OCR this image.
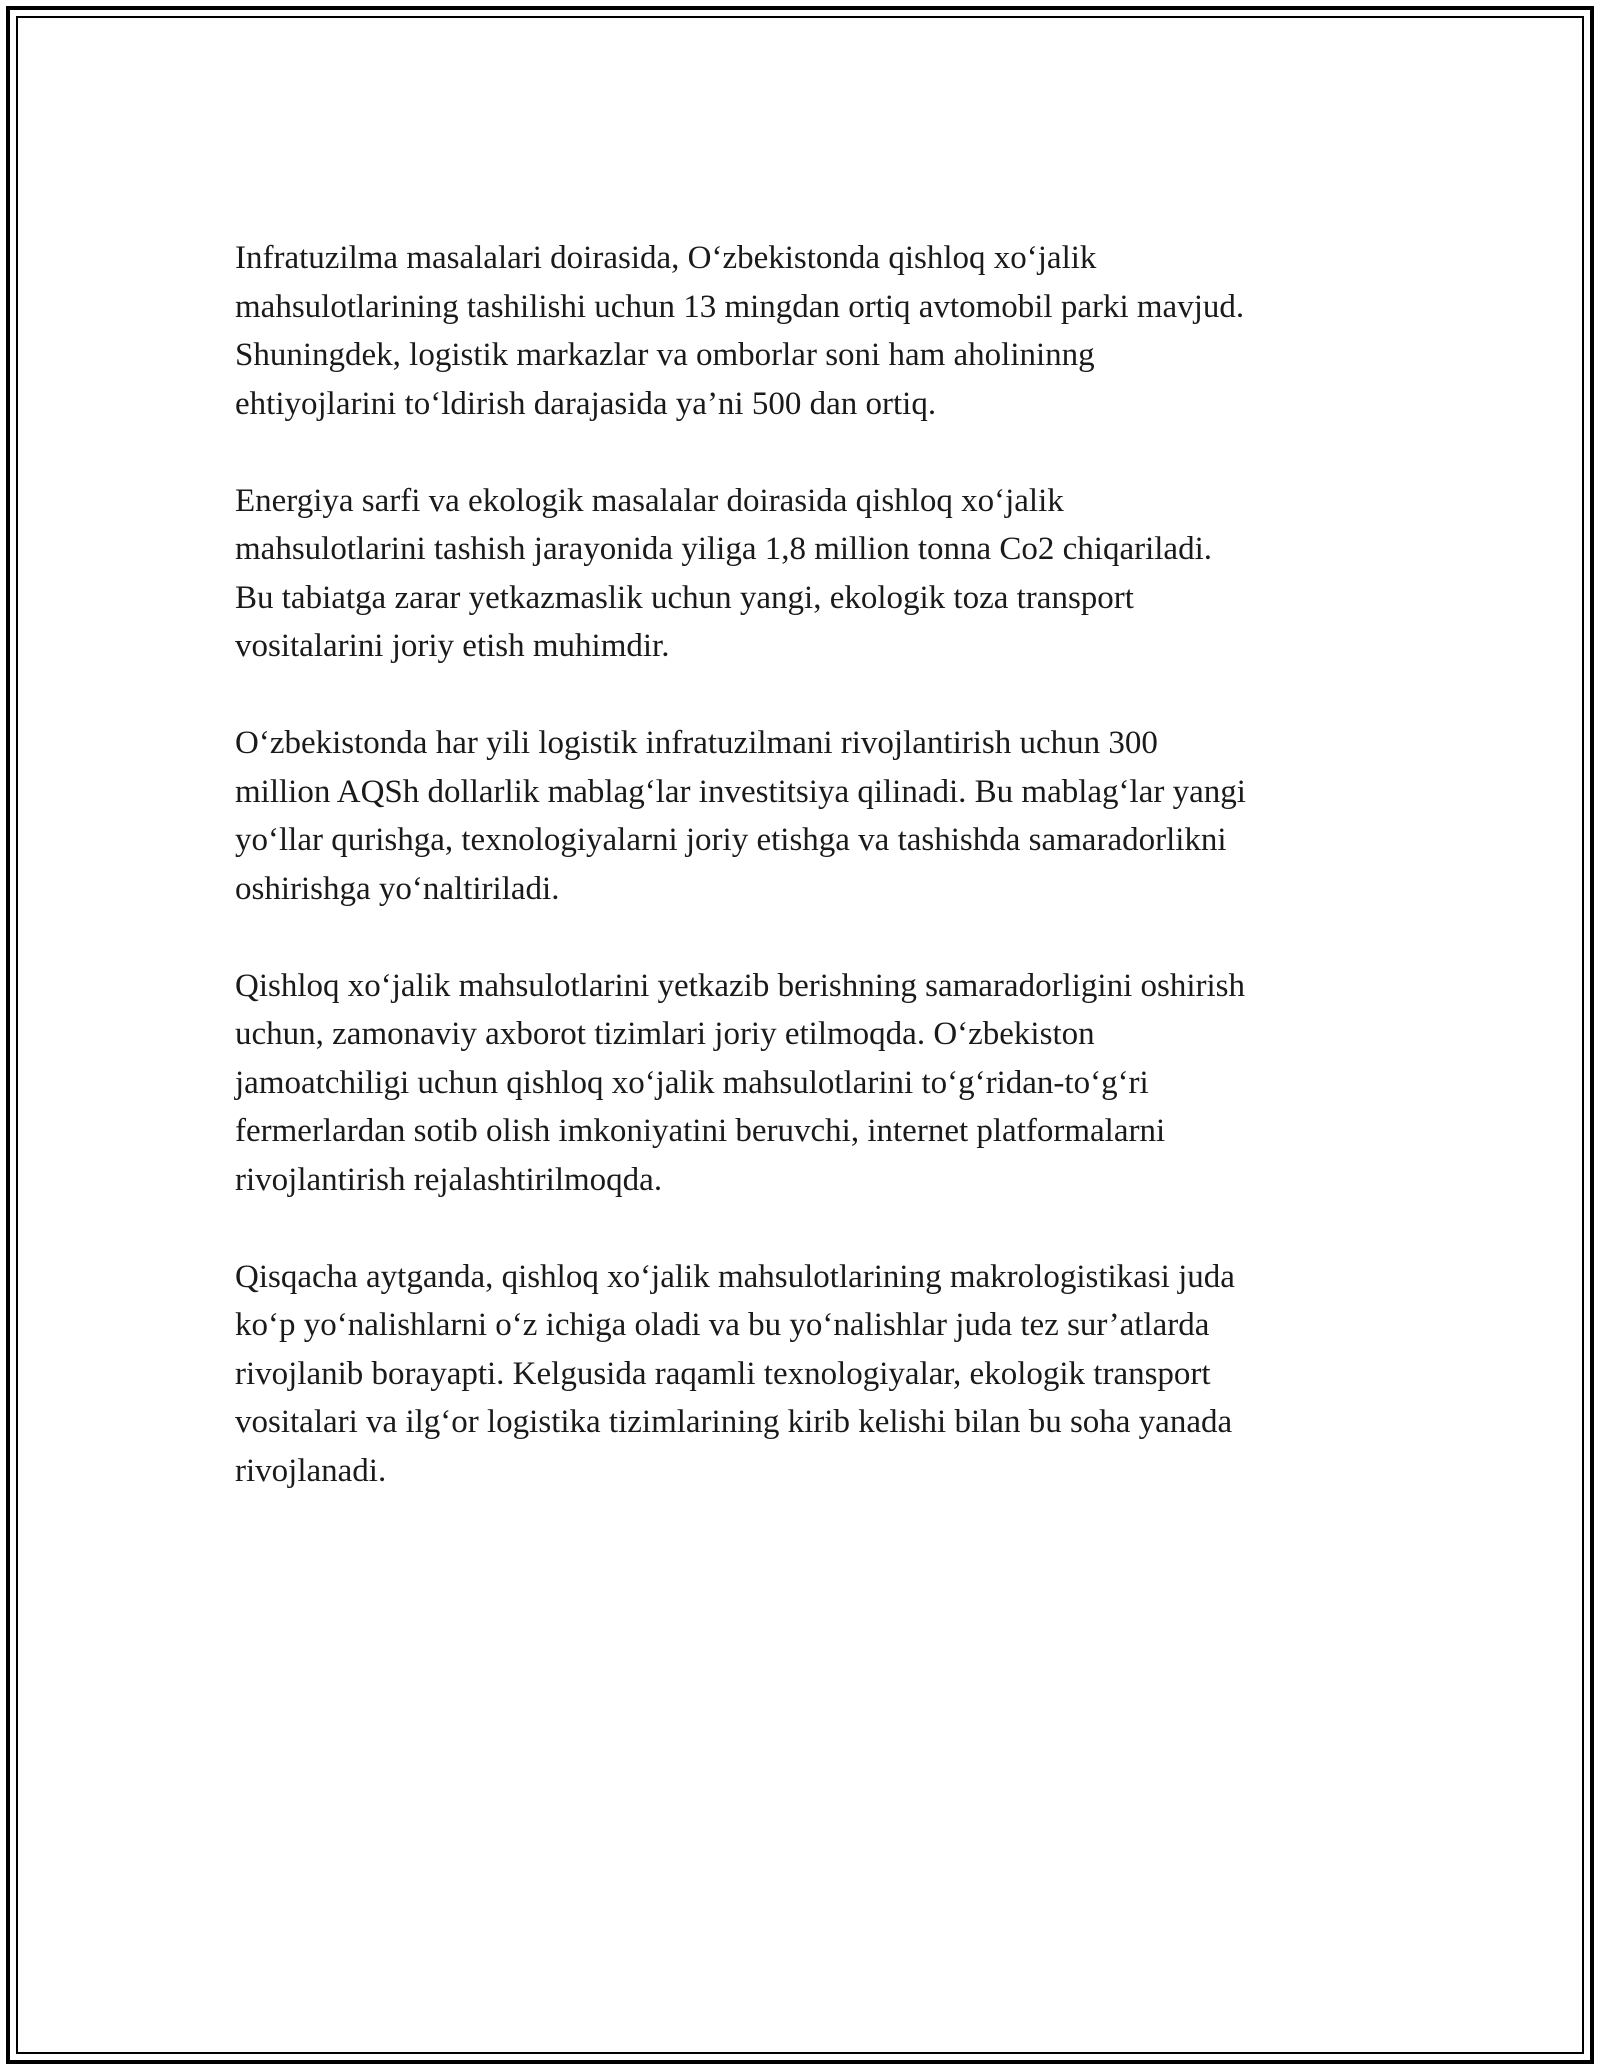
Infratuzilma masalalari doirasida, O‘zbekistonda qishloq xo‘jalik
mahsulotlarining tashilishi uchun 13 mingdan ortiq avtomobil parki mavjud.
Shuningdek, logistik markazlar va omborlar soni ham aholininng
ehtiyojlarini to‘ldirish darajasida ya’ni 500 dan ortiq.

Energiya sarfi va ekologik masalalar doirasida qishloq xo‘jalik
mahsulotlarini tashish jarayonida yiliga 1,8 million tonna Co2 chiqariladi.
Bu tabiatga zarar yetkazmaslik uchun yangi, ekologik toza transport
vositalarini joriy etish muhimdir.

O‘zbekistonda har yili logistik infratuzilmani rivojlantirish uchun 300
million AQSh dollarlik mablag‘lar investitsiya qilinadi. Bu mablag‘lar yangi
yo‘llar qurishga, texnologiyalarni joriy etishga va tashishda samaradorlikni
oshirishga yo‘naltiriladi.

Qishloq xo‘jalik mahsulotlarini yetkazib berishning samaradorligini oshirish
uchun, zamonaviy axborot tizimlari joriy etilmoqda. O‘zbekiston
jamoatchiligi uchun qishloq xo‘jalik mahsulotlarini to‘g‘ridan-to‘g‘ri
fermerlardan sotib olish imkoniyatini beruvchi, internet platformalarni
rivojlantirish rejalashtirilmoqda.

Qisqacha aytganda, qishloq xo‘jalik mahsulotlarining makrologistikasi juda
ko‘p yo‘nalishlarni o‘z ichiga oladi va bu yo‘nalishlar juda tez sur’atlarda
rivojlanib borayapti. Kelgusida raqamli texnologiyalar, ekologik transport
vositalari va ilg‘or logistika tizimlarining kirib kelishi bilan bu soha yanada
rivojlanadi.
